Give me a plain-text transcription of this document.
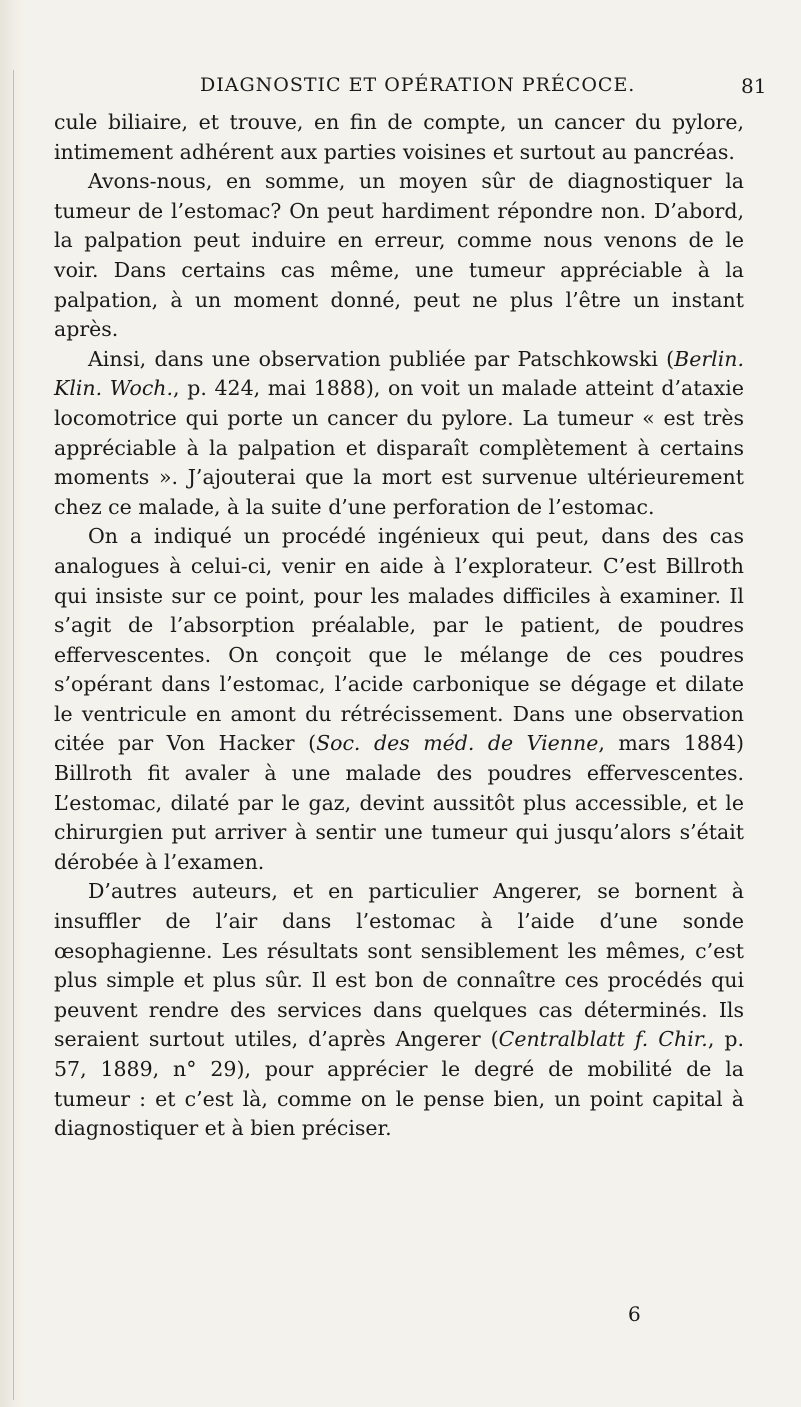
DIAGNOSTIC ET OPÉRATION PRÉCOCE.	81

cule biliaire, et trouve, en fin de compte, un cancer du pylore, intimement adhérent aux parties voisines et surtout au pancréas.

Avons-nous, en somme, un moyen sûr de diagnostiquer la tumeur de l’estomac? On peut hardiment répondre non. D’abord, la palpation peut induire en erreur, comme nous venons de le voir. Dans certains cas même, une tumeur appréciable à la palpation, à un moment donné, peut ne plus l’être un instant après.

Ainsi, dans une observation publiée par Patschkowski (Berlin. Klin. Woch., p. 424, mai 1888), on voit un malade atteint d’ataxie locomotrice qui porte un cancer du pylore. La tumeur « est très appréciable à la palpation et disparaît complètement à certains moments ». J’ajouterai que la mort est survenue ultérieurement chez ce malade, à la suite d’une perforation de l’estomac.

On a indiqué un procédé ingénieux qui peut, dans des cas analogues à celui-ci, venir en aide à l’explorateur. C’est Billroth qui insiste sur ce point, pour les malades difficiles à examiner. Il s’agit de l’absorption préalable, par le patient, de poudres effervescentes. On conçoit que le mélange de ces poudres s’opérant dans l’estomac, l’acide carbonique se dégage et dilate le ventricule en amont du rétrécissement. Dans une observation citée par Von Hacker (Soc. des méd. de Vienne, mars 1884) Billroth fit avaler à une malade des poudres effervescentes. L’estomac, dilaté par le gaz, devint aussitôt plus accessible, et le chirurgien put arriver à sentir une tumeur qui jusqu’alors s’était dérobée à l’examen.

D’autres auteurs, et en particulier Angerer, se bornent à insuffler de l’air dans l’estomac à l’aide d’une sonde œsophagienne. Les résultats sont sensiblement les mêmes, c’est plus simple et plus sûr. Il est bon de connaître ces procédés qui peuvent rendre des services dans quelques cas déterminés. Ils seraient surtout utiles, d’après Angerer (Centralblatt f. Chir., p. 57, 1889, n° 29), pour apprécier le degré de mobilité de la tumeur : et c’est là, comme on le pense bien, un point capital à diagnostiquer et à bien préciser.

6
